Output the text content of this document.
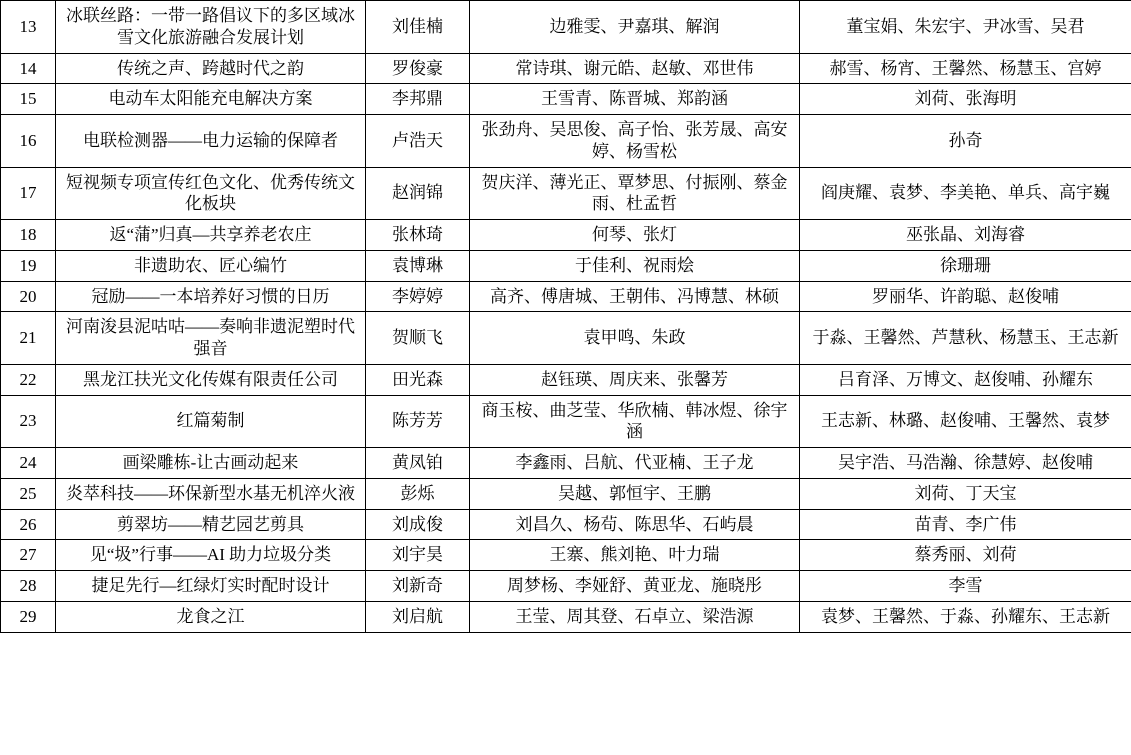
13	冰联丝路：一带一路倡议下的多区域冰雪文化旅游融合发展计划	刘佳楠	边雅雯、尹嘉琪、解润	董宝娟、朱宏宇、尹冰雪、吴君
14	传统之声、跨越时代之韵	罗俊豪	常诗琪、谢元皓、赵敏、邓世伟	郝雪、杨宵、王馨然、杨慧玉、宫婷
15	电动车太阳能充电解决方案	李邦鼎	王雪青、陈晋城、郑韵涵	刘荷、张海明
16	电联检测器——电力运输的保障者	卢浩天	张劲舟、吴思俊、高子怡、张芳晟、高安婷、杨雪松	孙奇
17	短视频专项宣传红色文化、优秀传统文化板块	赵润锦	贺庆洋、薄光正、覃梦思、付振刚、蔡金雨、杜孟哲	阎庚耀、袁梦、李美艳、单兵、高宇巍
18	返“蒲”归真—共享养老农庄	张林琦	何琴、张灯	巫张晶、刘海睿
19	非遗助农、匠心编竹	袁博琳	于佳利、祝雨烩	徐珊珊
20	冠励——一本培养好习惯的日历	李婷婷	高齐、傅唐城、王朝伟、冯博慧、林硕	罗丽华、许韵聪、赵俊哺
21	河南浚县泥咕咕——奏响非遗泥塑时代强音	贺顺飞	袁甲鸣、朱政	于淼、王馨然、芦慧秋、杨慧玉、王志新
22	黑龙江扶光文化传媒有限责任公司	田光森	赵钰瑛、周庆来、张馨芳	吕育泽、万博文、赵俊哺、孙耀东
23	红篇菊制	陈芳芳	商玉桉、曲芝莹、华欣楠、韩冰煜、徐宇涵	王志新、林璐、赵俊哺、王馨然、袁梦
24	画梁雕栋-让古画动起来	黄凤铂	李鑫雨、吕航、代亚楠、王子龙	吴宇浩、马浩瀚、徐慧婷、赵俊哺
25	炎萃科技——环保新型水基无机淬火液	彭烁	吴越、郭恒宇、王鹏	刘荷、丁天宝
26	剪翠坊——精艺园艺剪具	刘成俊	刘昌久、杨茍、陈思华、石屿晨	苗青、李广伟
27	见“圾”行事——AI 助力垃圾分类	刘宇昊	王寨、熊刘艳、叶力瑞	蔡秀丽、刘荷
28	捷足先行—红绿灯实时配时设计	刘新奇	周梦杨、李娅舒、黄亚龙、施晓彤	李雪
29	龙食之江	刘启航	王莹、周其登、石卓立、梁浩源	袁梦、王馨然、于淼、孙耀东、王志新
